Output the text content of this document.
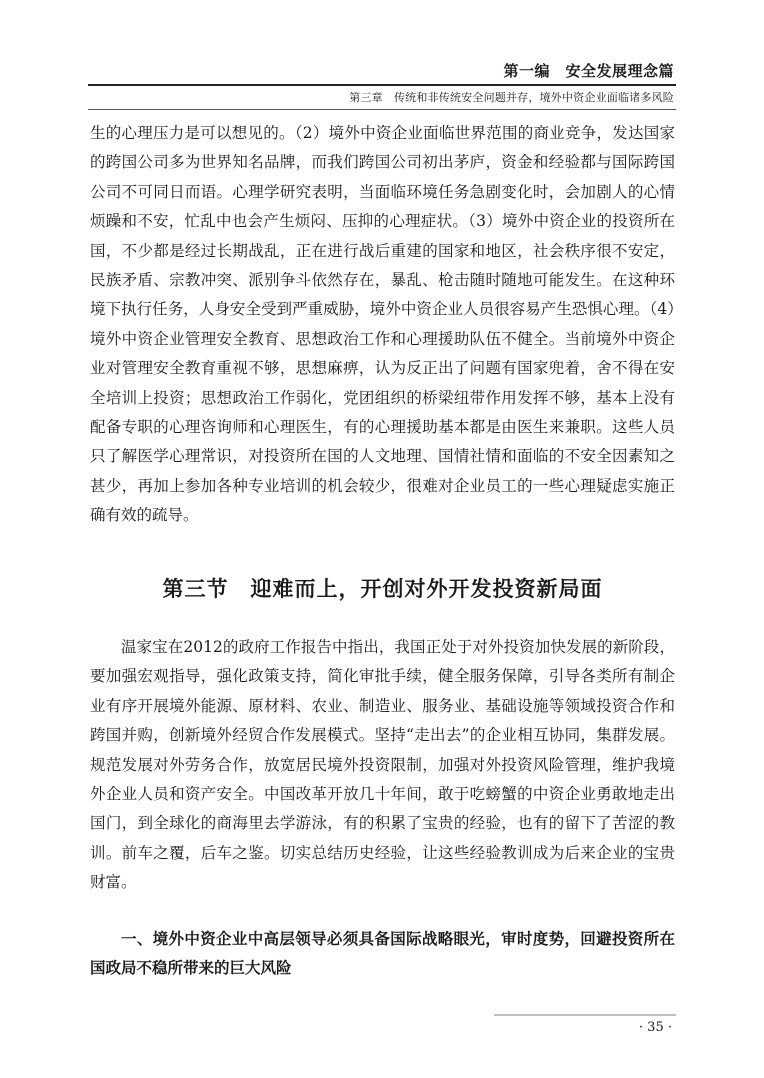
第一编　安全发展理念篇
第三章　传统和非传统安全问题并存，境外中资企业面临诸多风险

生的心理压力是可以想见的。（2）境外中资企业面临世界范围的商业竞争，发达国家的跨国公司多为世界知名品牌，而我们跨国公司初出茅庐，资金和经验都与国际跨国公司不可同日而语。心理学研究表明，当面临环境任务急剧变化时，会加剧人的心情烦躁和不安，忙乱中也会产生烦闷、压抑的心理症状。（3）境外中资企业的投资所在国，不少都是经过长期战乱，正在进行战后重建的国家和地区，社会秩序很不安定，民族矛盾、宗教冲突、派别争斗依然存在，暴乱、枪击随时随地可能发生。在这种环境下执行任务，人身安全受到严重威胁，境外中资企业人员很容易产生恐惧心理。（4）境外中资企业管理安全教育、思想政治工作和心理援助队伍不健全。当前境外中资企业对管理安全教育重视不够，思想麻痹，认为反正出了问题有国家兜着，舍不得在安全培训上投资；思想政治工作弱化，党团组织的桥梁纽带作用发挥不够，基本上没有配备专职的心理咨询师和心理医生，有的心理援助基本都是由医生来兼职。这些人员只了解医学心理常识，对投资所在国的人文地理、国情社情和面临的不安全因素知之甚少，再加上参加各种专业培训的机会较少，很难对企业员工的一些心理疑虑实施正确有效的疏导。

第三节　迎难而上，开创对外开发投资新局面

温家宝在2012的政府工作报告中指出，我国正处于对外投资加快发展的新阶段，要加强宏观指导，强化政策支持，简化审批手续，健全服务保障，引导各类所有制企业有序开展境外能源、原材料、农业、制造业、服务业、基础设施等领域投资合作和跨国并购，创新境外经贸合作发展模式。坚持“走出去”的企业相互协同，集群发展。规范发展对外劳务合作，放宽居民境外投资限制，加强对外投资风险管理，维护我境外企业人员和资产安全。中国改革开放几十年间，敢于吃螃蟹的中资企业勇敢地走出国门，到全球化的商海里去学游泳，有的积累了宝贵的经验，也有的留下了苦涩的教训。前车之覆，后车之鉴。切实总结历史经验，让这些经验教训成为后来企业的宝贵财富。

一、境外中资企业中高层领导必须具备国际战略眼光，审时度势，回避投资所在国政局不稳所带来的巨大风险
· 35 ·
